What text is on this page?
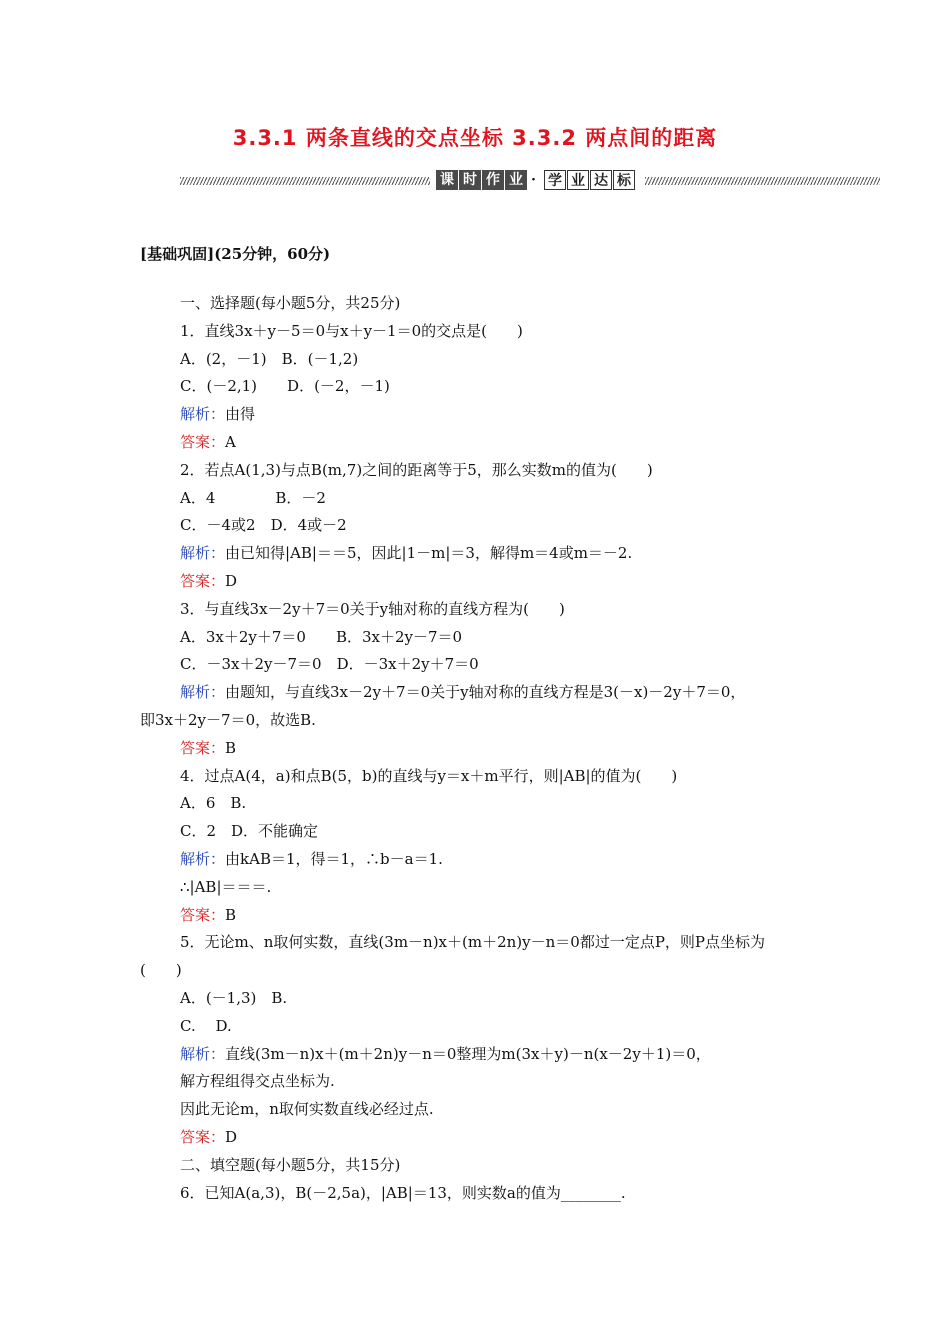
3.3.1 两条直线的交点坐标 3.3.2 两点间的距离
课 时 作 业 · 学 业 达 标
[基础巩固](25分钟，60分)
一、选择题(每小题5分，共25分)
1．直线3x＋y－5＝0与x＋y－1＝0的交点是(　　)
A．(2，－1)　B．(－1,2)
C．(－2,1)　　D．(－2，－1)
解析：由得
答案：A
2．若点A(1,3)与点B(m,7)之间的距离等于5，那么实数m的值为(　　)
A．4　　　　B．－2
C．－4或2　D．4或－2
解析：由已知得|AB|＝＝5，因此|1－m|＝3，解得m＝4或m＝－2.
答案：D
3．与直线3x－2y＋7＝0关于y轴对称的直线方程为(　　)
A．3x＋2y＋7＝0　　B．3x＋2y－7＝0
C．－3x＋2y－7＝0　D．－3x＋2y＋7＝0
解析：由题知，与直线3x－2y＋7＝0关于y轴对称的直线方程是3(－x)－2y＋7＝0，
即3x＋2y－7＝0，故选B.
答案：B
4．过点A(4，a)和点B(5，b)的直线与y＝x＋m平行，则|AB|的值为(　　)
A．6　B.
C．2　D．不能确定
解析：由kAB＝1，得＝1，∴b－a＝1.
∴|AB|＝＝＝.
答案：B
5．无论m、n取何实数，直线(3m－n)x＋(m＋2n)y－n＝0都过一定点P，则P点坐标为
(　　)
A．(－1,3)　B.
C.　 D.
解析：直线(3m－n)x＋(m＋2n)y－n＝0整理为m(3x＋y)－n(x－2y＋1)＝0，
解方程组得交点坐标为.
因此无论m，n取何实数直线必经过点.
答案：D
二、填空题(每小题5分，共15分)
6．已知A(a,3)，B(－2,5a)，|AB|＝13，则实数a的值为________.
